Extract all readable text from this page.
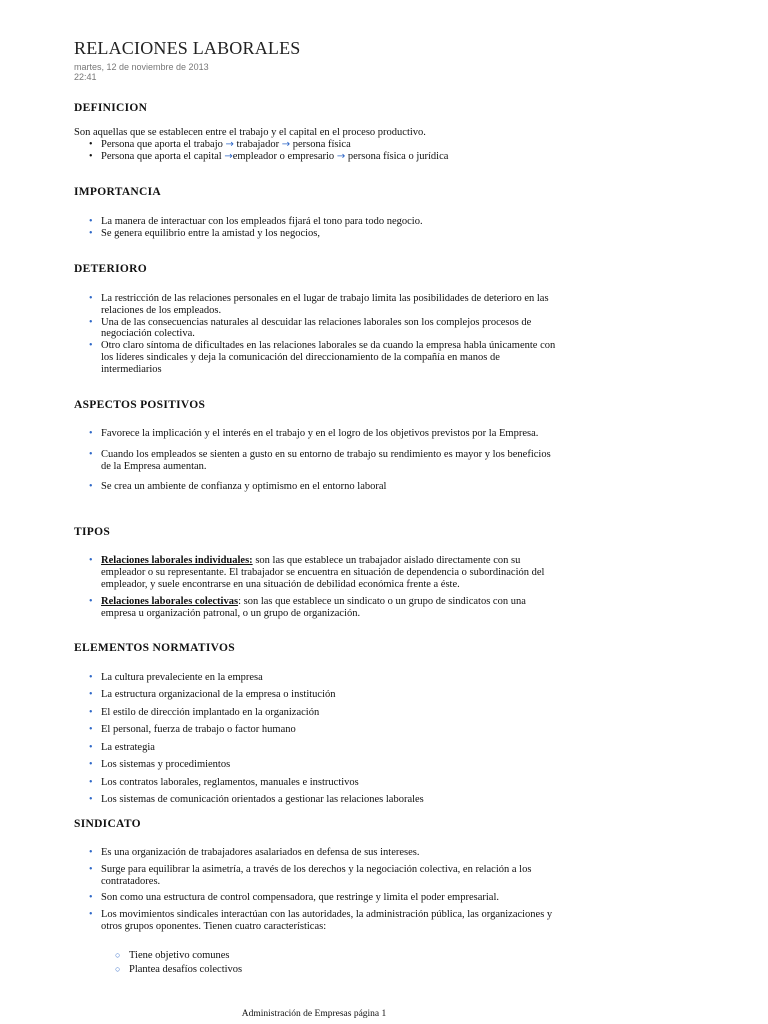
RELACIONES LABORALES
martes, 12 de noviembre de 2013
22:41
DEFINICION
Son aquellas que se establecen entre el trabajo y el capital en el proceso productivo.
• Persona que aporta el trabajo → trabajador → persona física
• Persona que aporta el capital →empleador o empresario → persona física o jurídica
IMPORTANCIA
• La manera de interactuar con los empleados fijará el tono para todo negocio.
• Se genera equilibrio entre la amistad y los negocios,
DETERIORO
• La restricción de las relaciones personales en el lugar de trabajo limita las posibilidades de deterioro en las relaciones de los empleados.
• Una de las consecuencias naturales al descuidar las relaciones laborales son los complejos procesos de negociación colectiva.
• Otro claro síntoma de dificultades en las relaciones laborales se da cuando la empresa habla únicamente con los líderes sindicales y deja la comunicación del direccionamiento de la compañía en manos de intermediarios
ASPECTOS POSITIVOS
• Favorece la implicación y el interés en el trabajo y en el logro de los objetivos previstos por la Empresa.
• Cuando los empleados se sienten a gusto en su entorno de trabajo su rendimiento es mayor y los beneficios de la Empresa aumentan.
• Se crea un ambiente de confianza y optimismo en el entorno laboral
TIPOS
• Relaciones laborales individuales: son las que establece un trabajador aislado directamente con su empleador o su representante. El trabajador se encuentra en situación de dependencia o subordinación del empleador, y suele encontrarse en una situación de debilidad económica frente a éste.
• Relaciones laborales colectivas: son las que establece un sindicato o un grupo de sindicatos con una empresa u organización patronal, o un grupo de organización.
ELEMENTOS NORMATIVOS
• La cultura prevaleciente en la empresa
• La estructura organizacional de la empresa o institución
• El estilo de dirección implantado en la organización
• El personal, fuerza de trabajo o factor humano
• La estrategia
• Los sistemas y procedimientos
• Los contratos laborales, reglamentos, manuales e instructivos
• Los sistemas de comunicación orientados a gestionar las relaciones laborales
SINDICATO
• Es una organización de trabajadores asalariados en defensa de sus intereses.
• Surge para equilibrar la asimetría, a través de los derechos y la negociación colectiva, en relación a los contratadores.
• Son como una estructura de control compensadora, que restringe y limita el poder empresarial.
• Los movimientos sindicales interactúan con las autoridades, la administración pública, las organizaciones y otros grupos oponentes. Tienen cuatro características:
○ Tiene objetivo comunes
○ Plantea desafíos colectivos
Administración de Empresas página 1
